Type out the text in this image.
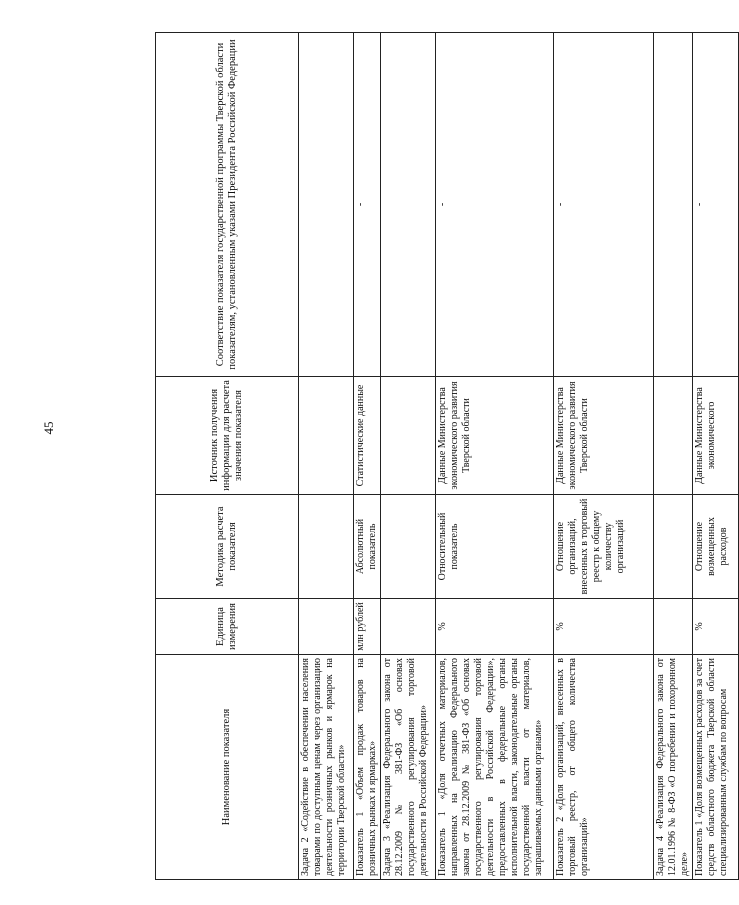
45
Наименование показателя	Единица измерения	Методика расчета показателя	Источник получения информации для расчета значения показателя	Соответствие показателя государственной программы Тверской области показателям, установленным указами Президента Российской Федерации
Задача 2 «Содействие в обеспечении населения товарами по доступным ценам через организацию деятельности розничных рынков и ярмарок на территории Тверской области»				
Показатель 1 «Объем продаж товаров на розничных рынках и ярмарках»	млн рублей	Абсолютный показатель	Статистические данные	-
Задача 3 «Реализация Федерального закона от 28.12.2009 № 381-ФЗ «Об основах государственного регулирования торговой деятельности в Российской Федерации»				
Показатель 1 «Доля отчетных материалов, направленных на реализацию Федерального закона от 28.12.2009 № 381-ФЗ «Об основах государственного регулирования торговой деятельности в Российской Федерации», предоставленных в федеральные органы исполнительной власти, законодательные органы государственной власти от материалов, запрашиваемых данными органами»	%	Относительный показатель	Данные Министерства экономического развития Тверской области	-
Показатель 2 «Доля организаций, внесенных в торговый реестр, от общего количества организаций»	%	Отношение организаций, внесенных в торговый реестр к общему количеству организаций	Данные Министерства экономического развития Тверской области	-
Задача 4 «Реализация Федерального закона от 12.01.1996 № 8-ФЗ «О погребении и похоронном деле»				
Показатель 1 «Доля возмещенных расходов за счет средств областного бюджета Тверской области специализированным службам по вопросам	%	Отношение возмещенных расходов	Данные Министерства экономического	-
